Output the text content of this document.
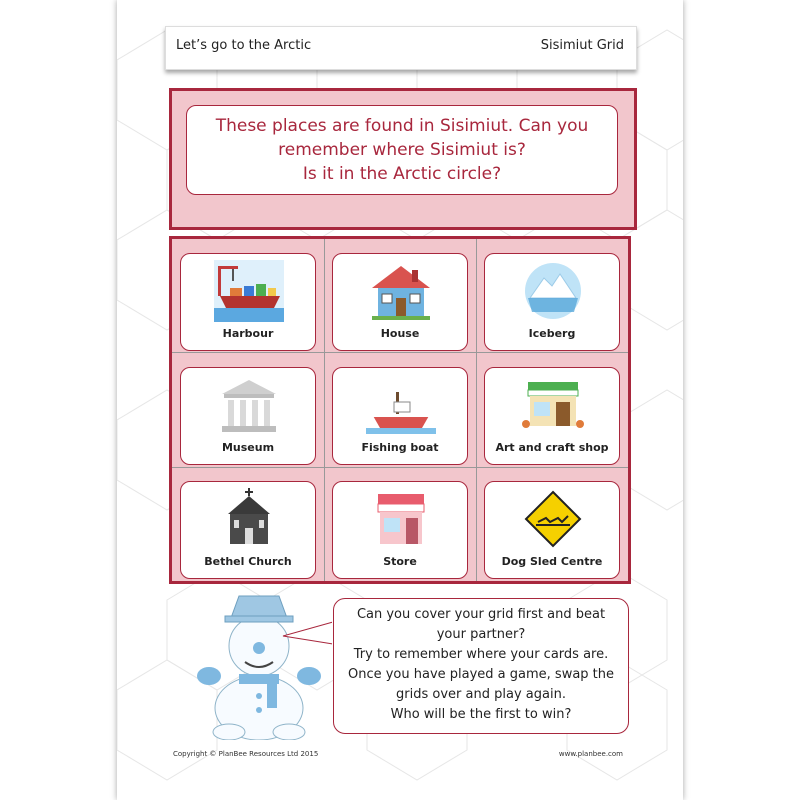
Let’s go to the Arctic	Sisimiut Grid
These places are found in Sisimiut. Can you
remember where Sisimiut is?
Is it in the Arctic circle?
Harbour	House	Iceberg
Museum	Fishing boat	Art and craft shop
Bethel Church	Store	Dog Sled Centre
Can you cover your grid first and beat
your partner?
Try to remember where your cards are.
Once you have played a game, swap the
grids over and play again.
Who will be the first to win?
Copyright © PlanBee Resources Ltd 2015	www.planbee.com
